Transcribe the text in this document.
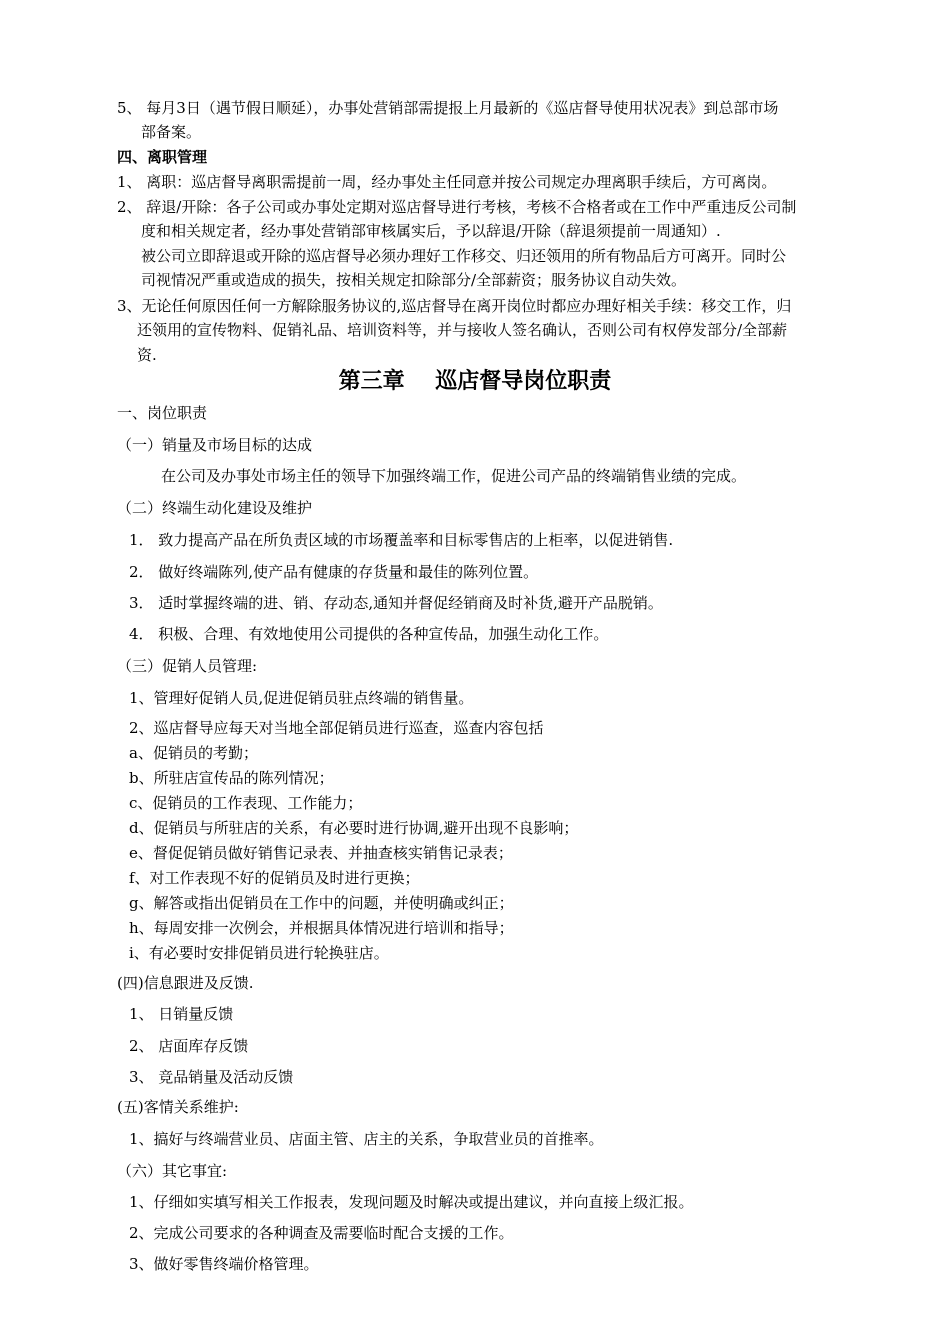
5、 每月3日（遇节假日顺延），办事处营销部需提报上月最新的《巡店督导使用状况表》到总部市场
部备案。
四、离职管理
1、 离职：巡店督导离职需提前一周，经办事处主任同意并按公司规定办理离职手续后，方可离岗。
2、 辞退/开除：各子公司或办事处定期对巡店督导进行考核，考核不合格者或在工作中严重违反公司制
度和相关规定者，经办事处营销部审核属实后，予以辞退/开除（辞退须提前一周通知）.
被公司立即辞退或开除的巡店督导必须办理好工作移交、归还领用的所有物品后方可离开。同时公
司视情况严重或造成的损失，按相关规定扣除部分/全部薪资；服务协议自动失效。
3、无论任何原因任何一方解除服务协议的,巡店督导在离开岗位时都应办理好相关手续：移交工作，归
还领用的宣传物料、促销礼品、培训资料等，并与接收人签名确认，否则公司有权停发部分/全部薪
资.
第三章    巡店督导岗位职责
一、岗位职责
（一）销量及市场目标的达成
在公司及办事处市场主任的领导下加强终端工作，促进公司产品的终端销售业绩的完成。
（二）终端生动化建设及维护
1． 致力提高产品在所负责区域的市场覆盖率和目标零售店的上柜率，以促进销售.
2． 做好终端陈列,使产品有健康的存货量和最佳的陈列位置。
3． 适时掌握终端的进、销、存动态,通知并督促经销商及时补货,避开产品脱销。
4． 积极、合理、有效地使用公司提供的各种宣传品，加强生动化工作。
（三）促销人员管理:
1、管理好促销人员,促进促销员驻点终端的销售量。
2、巡店督导应每天对当地全部促销员进行巡查，巡查内容包括
a、促销员的考勤；
b、所驻店宣传品的陈列情况；
c、促销员的工作表现、工作能力；
d、促销员与所驻店的关系，有必要时进行协调,避开出现不良影响；
e、督促促销员做好销售记录表、并抽查核实销售记录表；
f、对工作表现不好的促销员及时进行更换；
g、解答或指出促销员在工作中的问题，并使明确或纠正；
h、每周安排一次例会，并根据具体情况进行培训和指导；
i、有必要时安排促销员进行轮换驻店。
(四)信息跟进及反馈.
1、 日销量反馈
2、 店面库存反馈
3、 竞品销量及活动反馈
(五)客情关系维护:
1、搞好与终端营业员、店面主管、店主的关系，争取营业员的首推率。
（六）其它事宜:
1、仔细如实填写相关工作报表，发现问题及时解决或提出建议，并向直接上级汇报。
2、完成公司要求的各种调查及需要临时配合支援的工作。
3、做好零售终端价格管理。
